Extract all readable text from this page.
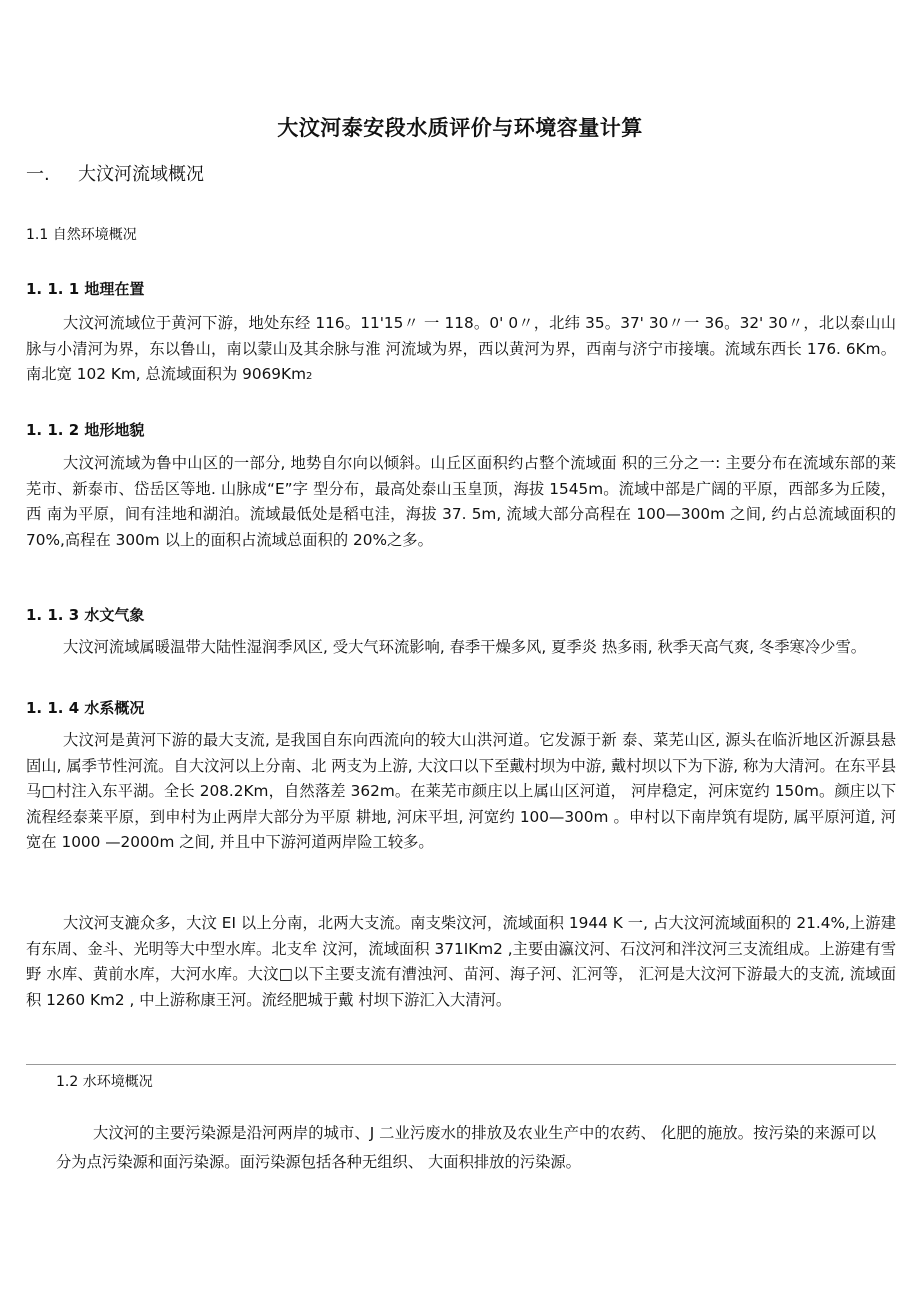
大汶河泰安段水质评价与环境容量计算
一. 大汶河流域概况
1.1 自然环境概况
1. 1. 1 地理在置
大汶河流域位于黄河下游，地处东经 116。11'15〃 一 118。0' 0〃，北纬 35。37' 30〃一 36。32' 30〃，北以泰山山脉与小清河为界，东以鲁山，南以蒙山及其余脉与淮 河流域为界，西以黄河为界，西南与济宁市接壤。流域东西长 176. 6Km。南北宽 102 Km, 总流域面积为 9069Km2
1. 1. 2 地形地貌
大汶河流域为鲁中山区的一部分, 地势自尔向以倾斜。山丘区面积约占整个流域面 积的三分之一: 主要分布在流域东部的莱芜市、新泰市、岱岳区等地. 山脉成“E”字 型分布，最高处泰山玉皇顶，海拔 1545m。流域中部是广阔的平原，西部多为丘陵，西 南为平原，间有洼地和湖泊。流域最低处是稻屯洼，海拔 37. 5m, 流域大部分高程在 100—300m 之间, 约占总流域面积的 70%,高程在 300m 以上的面积占流域总面积的 20%之多。
1. 1. 3 水文气象
大汶河流域属暖温带大陆性湿润季风区, 受大气环流影响, 春季干燥多风, 夏季炎 热多雨, 秋季天高气爽, 冬季寒冷少雪。
1. 1. 4 水系概况
大汶河是黄河下游的最大支流, 是我国自东向西流向的较大山洪河道。它发源于新 泰、菜芜山区, 源头在临沂地区沂源县悬固山, 属季节性河流。自大汶河以上分南、北 两支为上游, 大汶口以下至戴村坝为中游, 戴村坝以下为下游, 称为大清河。在东平县 马□村注入东平湖。全长 208.2Km，自然落差 362m。在莱芜市颜庄以上属山区河道， 河岸稳定，河床宽约 150m。颜庄以下流程经泰莱平原，到申村为止两岸大部分为平原 耕地, 河床平坦, 河宽约 100—300m 。申村以下南岸筑有堤防, 属平原河道, 河宽在 1000 —2000m 之间, 并且中下游河道两岸险工较多。
大汶河支漉众多，大汶 EI 以上分南，北两大支流。南支柴汶河，流域面积 1944 K 一, 占大汶河流域面积的 21.4%,上游建有东周、金斗、光明等大中型水库。北支牟 汶河，流域面积 371IKm2 ,主要由瀛汶河、石汶河和泮汶河三支流组成。上游建有雪野 水库、黄前水库，大河水库。大汶□以下主要支流有漕浊河、苗河、海子河、汇河等， 汇河是大汶河下游最大的支流, 流域面积 1260 Km2 , 中上游称康王河。流经肥城于戴 村坝下游汇入大清河。
1.2 水环境概况
大汶河的主要污染源是沿河两岸的城市、J 二业污废水的排放及农业生产中的农药、 化肥的施放。按污染的来源可以分为点污染源和面污染源。面污染源包括各种无组织、 大面积排放的污染源。
